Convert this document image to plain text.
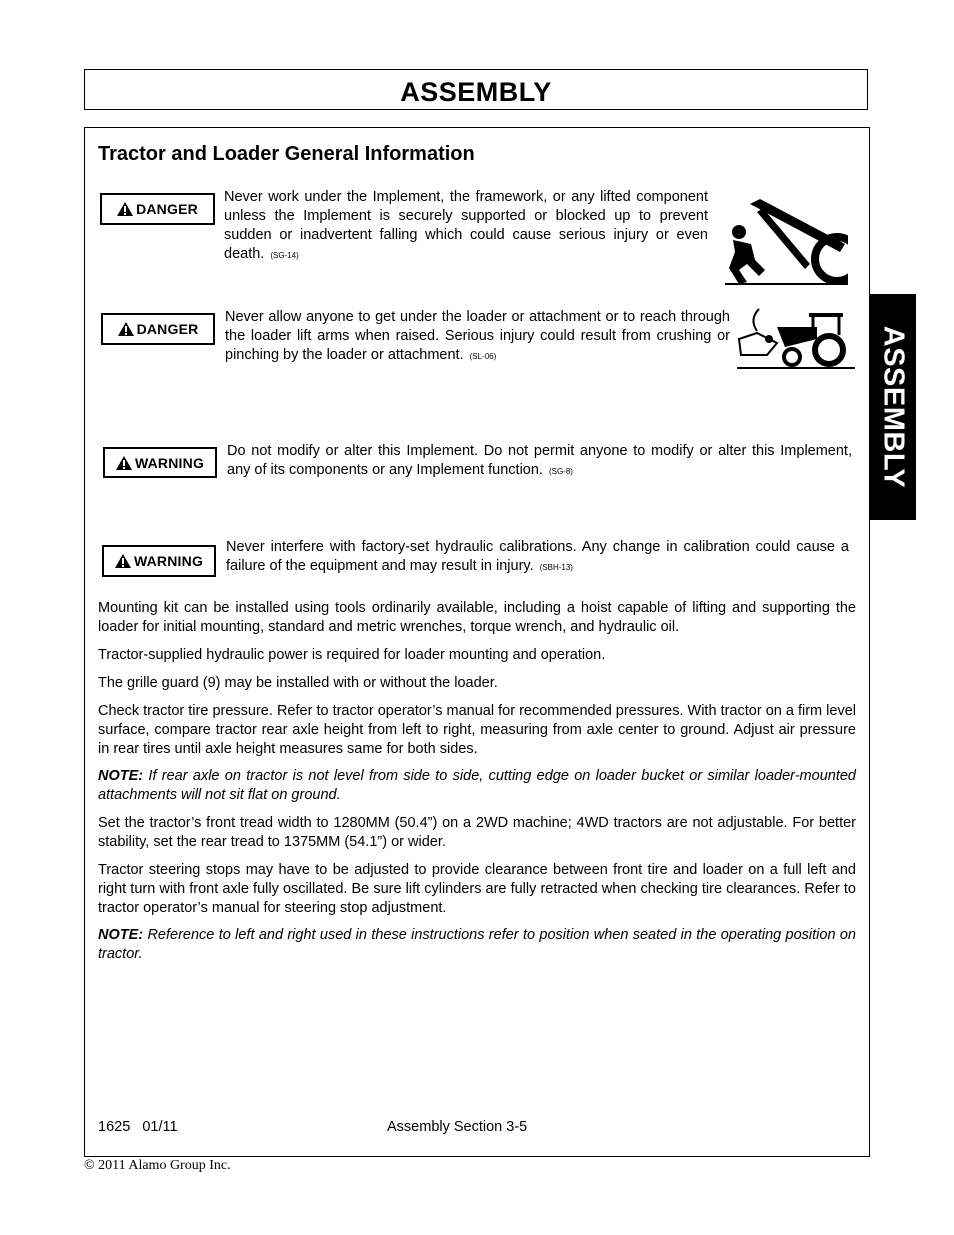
ASSEMBLY
Tractor and Loader General Information
DANGER
Never work under the Implement, the framework, or any lifted component unless the Implement is securely supported or blocked up to prevent sudden or inadvertent falling which could cause serious injury or even death. (SG-14)
DANGER
Never allow anyone to get under the loader or attachment or to reach through the loader lift arms when raised. Serious injury could result from crushing or pinching by the loader or attachment. (SL-06)
WARNING
Do not modify or alter this Implement. Do not permit anyone to modify or alter this Implement, any of its components or any Implement function. (SG-8)
WARNING
Never interfere with factory-set hydraulic calibrations. Any change in calibration could cause a failure of the equipment and may result in injury. (SBH-13)

Mounting kit can be installed using tools ordinarily available, including a hoist capable of lifting and supporting the loader for initial mounting, standard and metric wrenches, torque wrench, and hydraulic oil.

Tractor-supplied hydraulic power is required for loader mounting and operation.

The grille guard (9) may be installed with or without the loader.

Check tractor tire pressure. Refer to tractor operator’s manual for recommended pressures. With tractor on a firm level surface, compare tractor rear axle height from left to right, measuring from axle center to ground. Adjust air pressure in rear tires until axle height measures same for both sides.

NOTE: If rear axle on tractor is not level from side to side, cutting edge on loader bucket or similar loader-mounted attachments will not sit flat on ground.

Set the tractor’s front tread width to 1280MM (50.4”) on a 2WD machine; 4WD tractors are not adjustable. For better stability, set the rear tread to 1375MM (54.1”) or wider.

Tractor steering stops may have to be adjusted to provide clearance between front tire and loader on a full left and right turn with front axle fully oscillated. Be sure lift cylinders are fully retracted when checking tire clearances. Refer to tractor operator’s manual for steering stop adjustment.

NOTE: Reference to left and right used in these instructions refer to position when seated in the operating position on tractor.

ASSEMBLY
1625   01/11	Assembly Section 3-5
© 2011 Alamo Group Inc.
